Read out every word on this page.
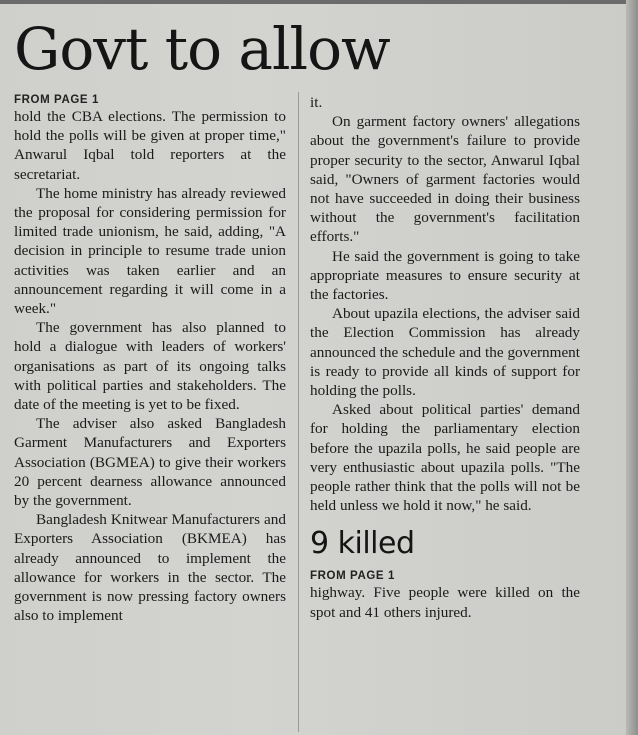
Govt to allow
FROM PAGE 1

hold the CBA elections. The permission to hold the polls will be given at proper time," Anwarul Iqbal told reporters at the secretariat.

The home ministry has already reviewed the proposal for considering permission for limited trade unionism, he said, adding, "A decision in principle to resume trade union activities was taken earlier and an announcement regarding it will come in a week."

The government has also planned to hold a dialogue with leaders of workers' organisations as part of its ongoing talks with political parties and stakeholders. The date of the meeting is yet to be fixed.

The adviser also asked Bangladesh Garment Manufacturers and Exporters Association (BGMEA) to give their workers 20 percent dearness allowance announced by the government.

Bangladesh Knitwear Manufacturers and Exporters Association (BKMEA) has already announced to implement the allowance for workers in the sector. The government is now pressing factory owners also to implement

it.

On garment factory owners' allegations about the government's failure to provide proper security to the sector, Anwarul Iqbal said, "Owners of garment factories would not have succeeded in doing their business without the government's facilitation efforts."

He said the government is going to take appropriate measures to ensure security at the factories.

About upazila elections, the adviser said the Election Commission has already announced the schedule and the government is ready to provide all kinds of support for holding the polls.

Asked about political parties' demand for holding the parliamentary election before the upazila polls, he said people are very enthusiastic about upazila polls. "The people rather think that the polls will not be held unless we hold it now," he said.

9 killed
FROM PAGE 1

highway. Five people were killed on the spot and 41 others injured.
